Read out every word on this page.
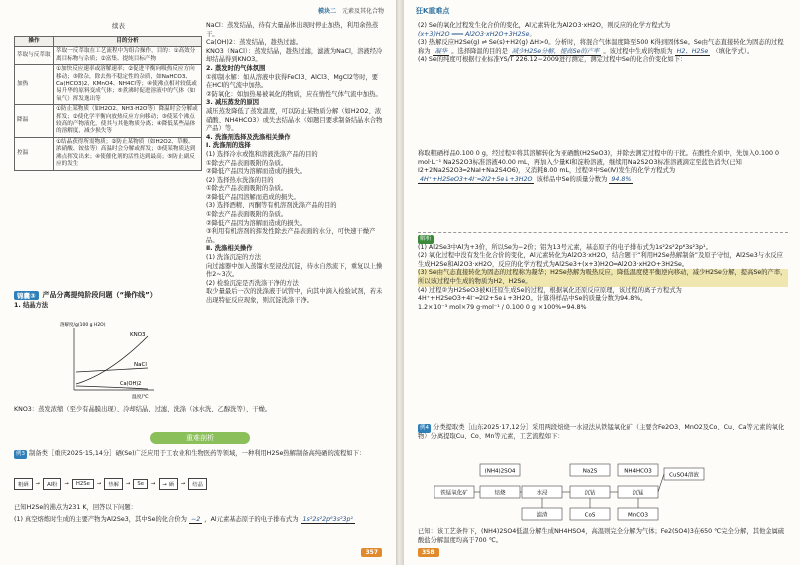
模块二 元素及其化合物
续表
操作	目的分析
萃取与反萃取	萃取一反萃取在工艺流程中为组合操作，目的：①高效分离目标物与杂质；②富集、提纯目标产物
加热	①加快反应速率或溶解速率；②促进平衡向吸热反应方向移动；③除杂，除去热不稳定性的杂质，如NaHCO3、Ca(HCO3)2、KMnO4、NH4Cl等；④使沸点相对较低或易升华的原料变成气体；⑤煮沸时促进溶液中的气体（如氧气）挥发逸出等
降温	①防止某物质（如H2O2、NH3·H2O等）降温时会分解或挥发；②使化学平衡向放热反应方向移动；③使某个沸点较高的产物液化，使其与其他物质分离；④降低某些晶体的溶解度，减少损失等
控温	①结晶获得所需物质；②防止某物质（如H2O2、草酸、浓硝酸、铵盐等）高温时会分解或挥发；③使某物质达到沸点挥发出来；④使催化剂的活性达到最高；⑤防止副反应的发生
NaCl：蒸发结晶，待有大量晶体出现时停止加热，利用余热蒸干。
Ca(OH)2：蒸发结晶，趁热过滤。
KNO3（NaCl）：蒸发结晶，趁热过滤，滤液为NaCl，溶液经冷却结晶得到KNO3。
2. 蒸发时的气体氛围
①抑制水解：如从溶液中获得FeCl3、AlCl3、MgCl2等时，要在HCl的气流中加热。
②防氧化：如加热易被氧化的物质，应在惰性气体气流中加热。
3. 减压蒸发的原因
减压蒸发降低了蒸发温度，可以防止某物质分解（如H2O2、浓硝酸、NH4HCO3）或失去结晶水（如题目要求制备结晶水合物产品）等。
4. 洗涤剂选择及洗涤相关操作
Ⅰ. 洗涤剂的选择
(1) 选择冷水或饱和溶液洗涤产品的目的
①除去产品表面吸附的杂质。
②降低产品因为溶解而造成的损失。
(2) 选择热水洗涤的目的
①除去产品表面吸附的杂质。
②降低产品因溶解而造成的损失。
(3) 选择酒精、丙酮等有机溶剂洗涤产品的目的
①除去产品表面吸附的杂质。
②降低产品因为溶解而造成的损失。
③利用有机溶剂的挥发性除去产品表面的水分，可快速干燥产品。
Ⅱ. 洗涤相关操作
(1) 洗涤沉淀的方法
向过滤器中加入蒸馏水至浸没沉淀，待水自然流下，重复以上操作2~3次。
(2) 检验沉淀是否洗涤干净的方法
取少量最后一次的洗涤液于试管中，向其中滴入检验试剂，若未出现特征反应现象，则沉淀洗涤干净。
锦囊③	产品分离提纯阶段问题（“操作线”）
1. 结晶方法
KNO3
NaCl
Ca(OH)2
溶解度/g(100 g H2O)
温度/℃
KNO3：蒸发浓缩（至少有晶膜出现）、冷却结晶、过滤、洗涤（冰水洗、乙醇洗等）、干燥。
重难剖析
例3 制备类［重庆2025·15,14分］硒(Se)广泛应用于工农业和生物医药等领域，一种利用H2Se热解制备高纯硒的流程如下：
粗硒	→	Al粉	→	H2Se	→	热解	→	Se	→	→ 硒	→	结晶
已知H2Se的沸点为231 K，回答以下问题：
(1) 真空熔炼时生成的主要产物为Al2Se3，其中Se的化合价为 −2 ，Al元素基态原子的电子排布式为 1s²2s²2p⁶3s²3p¹
357
狂K重难点
(2) Se的氧化过程发生化合价的变化，Al元素转化为Al2O3·xH2O，则反应的化学方程式为
(x+3)H2O ═══ Al2O3·xH2O+3H2Se。
(3) 热解反应H2Se(g) ⇌ Se(s)+H2(g) ΔH>0。分析时，将混合气体温度降至500 K得到固体Se。Se由气态直接转化为固态的过程称为 凝华 。选择降温的目的是 减少H2Se分解，提高Se的产率 。该过程中生成的物质为 H2、H2Se （填化学式）。
(4) Se的纯度可根据行业标准YS/T 226.12−2009进行测定，测定过程中Se的化合价变化如下：
称取粗硒样品0.100 0 g，经过程①将其溶解转化为亚硒酸(H2SeO3)，并除去测定过程中的干扰。在酸性介质中，先加入0.100 0 mol·L⁻¹ Na2S2O3标准溶液40.00 mL，再加入少量KI和淀粉溶液，继续用Na2S2O3标准溶液滴定至蓝色消失(已知I2+2Na2S2O3═2NaI+Na2S4O6)，又消耗8.00 mL，过程②中Se(Ⅳ)发生的化学方程式为 4H⁺+H2SeO3+4I⁻═2I2+Se↓+3H2O 该样品中Se的质量分数为 94.8%
解析
(1) Al2Se3中Al为+3价，所以Se为−2价；铝为13号元素，基态原子的电子排布式为1s²2s²2p⁶3s²3p¹。
(2) 氧化过程中没有发生化合价的变化，Al元素转化为Al2O3·xH2O，结合题干“利用H2Se热解制备”及原子守恒，Al2Se3与水反应生成H2Se和Al2O3·xH2O，反应的化学方程式为Al2Se3+(x+3)H2O═Al2O3·xH2O+3H2Se。
(3) Se由气态直接转化为固态的过程称为凝华；H2Se热解为吸热反应，降低温度使平衡逆向移动，减少H2Se分解，提高Se的产率，所以该过程中生成的物质为H2、H2Se。
(4) 过程②为H2SeO3被KI还原生成Se的过程，根据氧化还原反应原理，该过程的离子方程式为4H⁺+H2SeO3+4I⁻═2I2+Se↓+3H2O。计算得样品中Se的质量分数为94.8%。
1.2×10⁻³ mol×79 g·mol⁻¹ / 0.100 0 g ×100%=94.8%
例4 分类提取类［山东2025·17,12分］采用两段焙烧一水浸法从铁锰氧化矿（主要含Fe2O3、MnO2及Co、Cu、Ca等元素的氧化物）分离提取Cu、Co、Mn等元素，工艺流程如下：
铁锰氧化矿	焙烧	水浸
滤渣
沉钴	沉锰
CoS	MnCO3
CuSO4溶液
(NH4)2SO4	Na2S	NH4HCO3
已知：该工艺条件下，(NH4)2SO4低温分解生成NH4HSO4，高温则完全分解为气体；Fe2(SO4)3在650 ℃完全分解，其他金属硫酸盐分解温度均高于700 ℃。
358
